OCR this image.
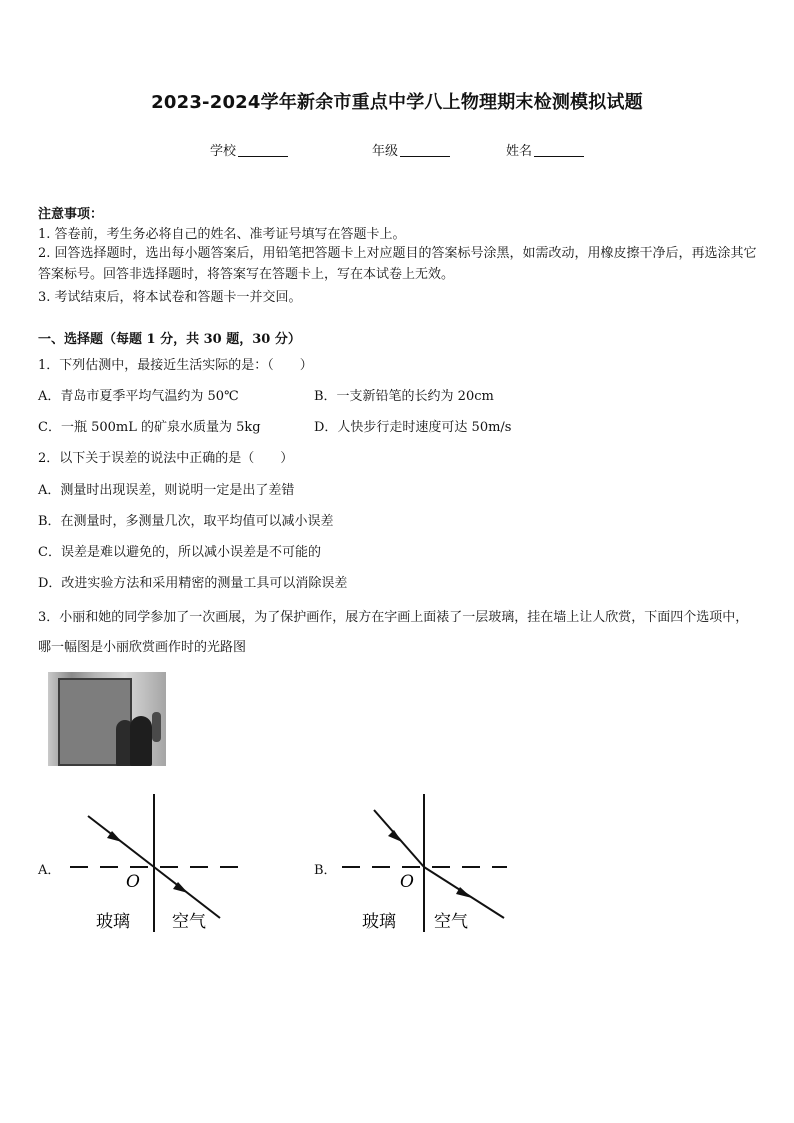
2023-2024学年新余市重点中学八上物理期末检测模拟试题
学校	年级	姓名
注意事项：
1. 答卷前，考生务必将自己的姓名、准考证号填写在答题卡上。
2. 回答选择题时，选出每小题答案后，用铅笔把答题卡上对应题目的答案标号涂黑，如需改动，用橡皮擦干净后，再选涂其它答案标号。回答非选择题时，将答案写在答题卡上，写在本试卷上无效。
3. 考试结束后，将本试卷和答题卡一并交回。
一、选择题（每题 1 分，共 30 题，30 分）
1．下列估测中，最接近生活实际的是：（　　）
A．青岛市夏季平均气温约为 50℃	B．一支新铅笔的长约为 20cm
C．一瓶 500mL 的矿泉水质量为 5kg	D．人快步行走时速度可达 50m/s
2．以下关于误差的说法中正确的是（　　）
A．测量时出现误差，则说明一定是出了差错
B．在测量时，多测量几次，取平均值可以减小误差
C．误差是难以避免的，所以减小误差是不可能的
D．改进实验方法和采用精密的测量工具可以消除误差
3．小丽和她的同学参加了一次画展，为了保护画作，展方在字画上面裱了一层玻璃，挂在墙上让人欣赏，下面四个选项中，哪一幅图是小丽欣赏画作时的光路图
A．
O
玻璃 空气
B．
O
玻璃 空气
